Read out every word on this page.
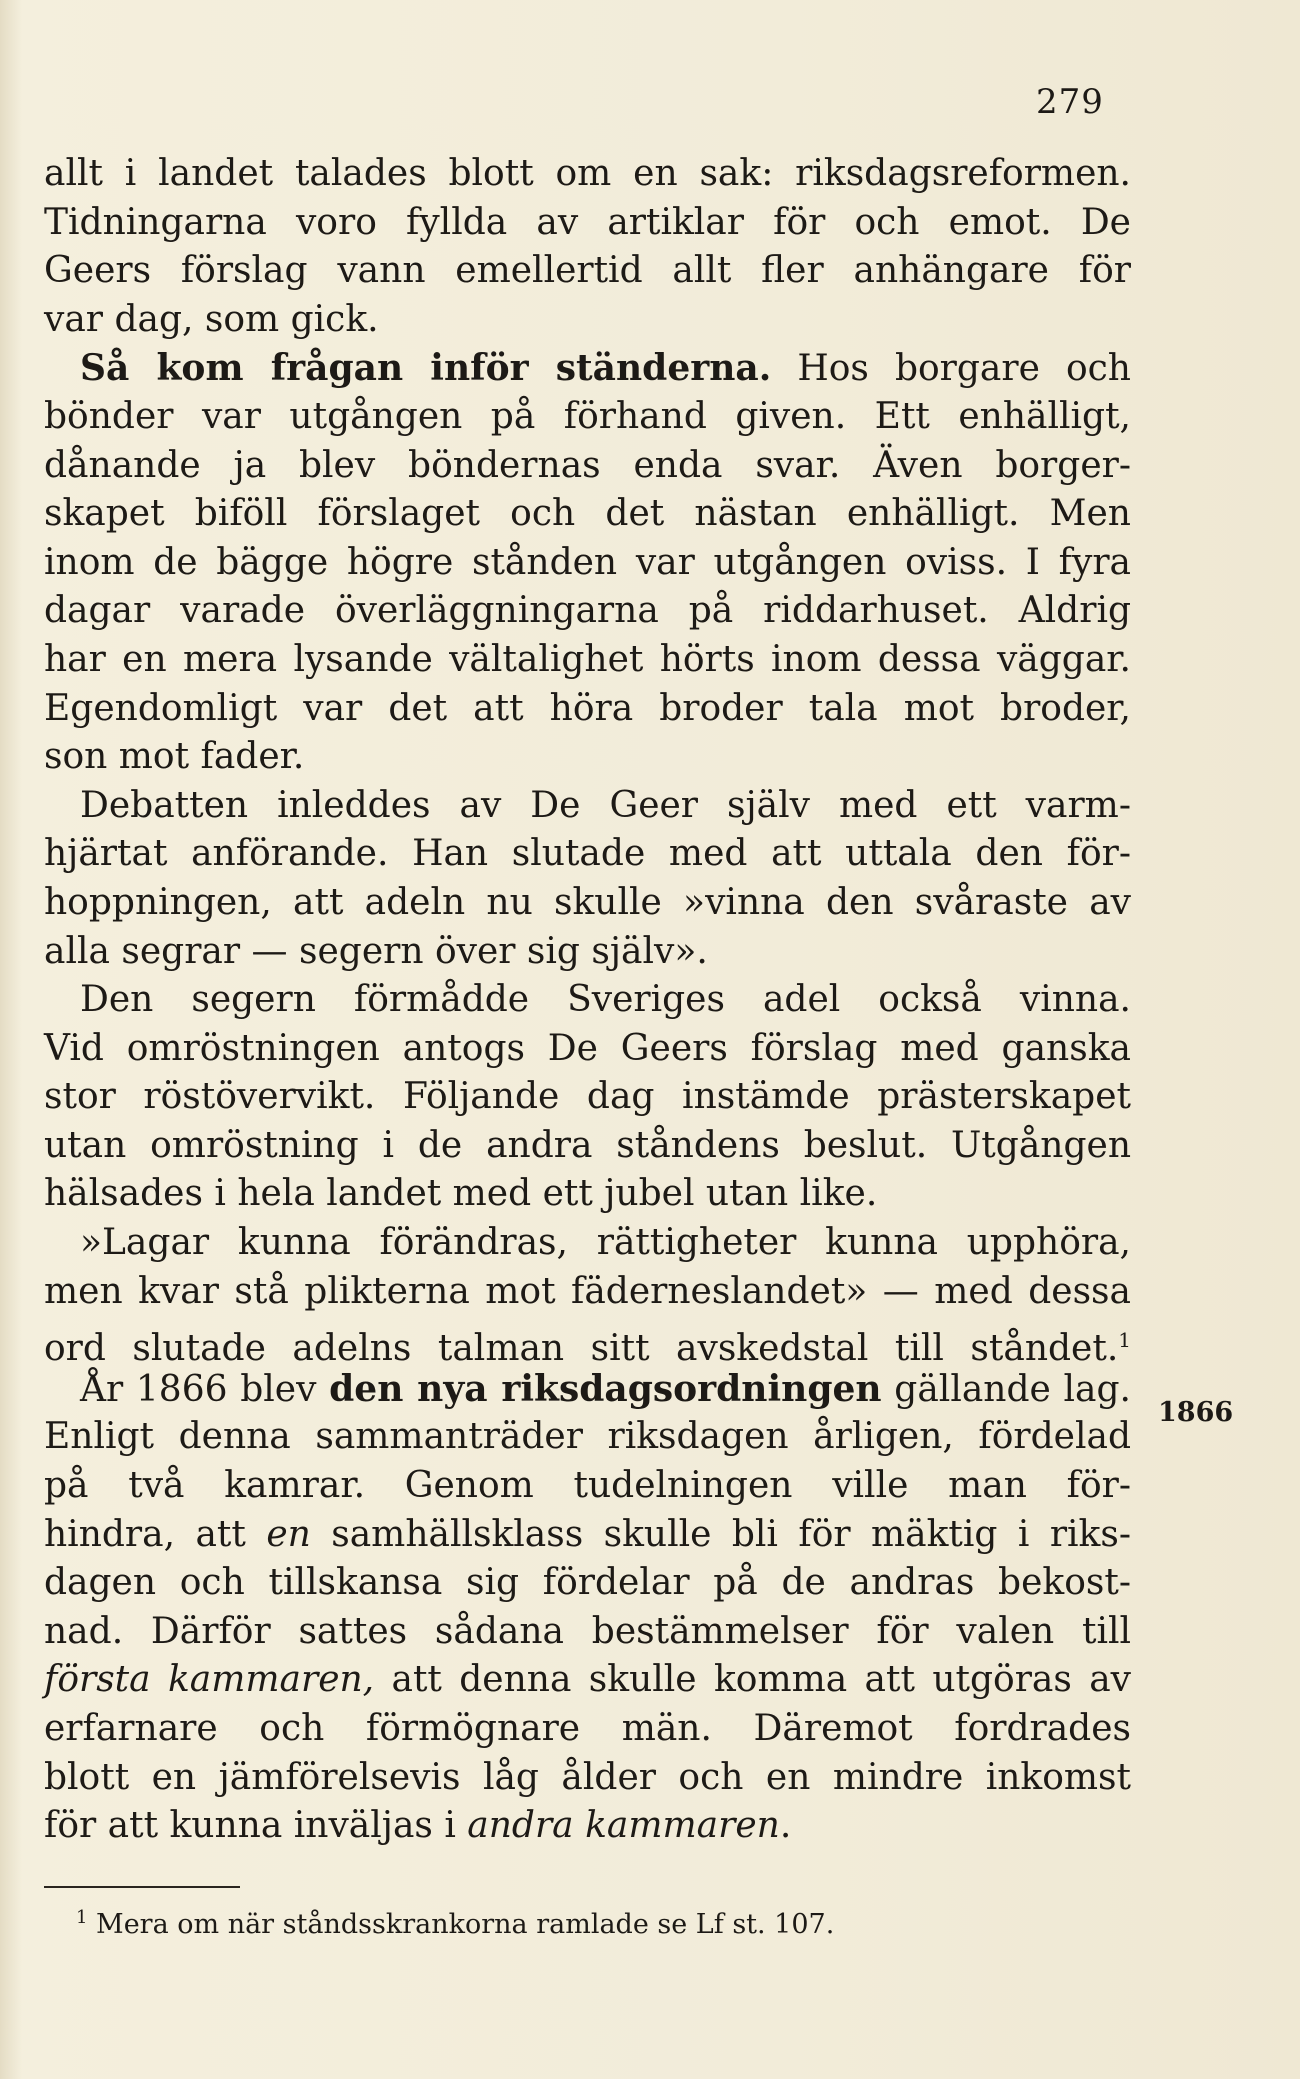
279
allt i landet talades blott om en sak: riksdagsreformen.
Tidningarna voro fyllda av artiklar för och emot. De
Geers förslag vann emellertid allt fler anhängare för
var dag, som gick.
Så kom frågan inför ständerna. Hos borgare och
bönder var utgången på förhand given. Ett enhälligt,
dånande ja blev böndernas enda svar. Även borger-
skapet biföll förslaget och det nästan enhälligt. Men
inom de bägge högre stånden var utgången oviss. I fyra
dagar varade överläggningarna på riddarhuset. Aldrig
har en mera lysande vältalighet hörts inom dessa väggar.
Egendomligt var det att höra broder tala mot broder,
son mot fader.
Debatten inleddes av De Geer själv med ett varm-
hjärtat anförande. Han slutade med att uttala den för-
hoppningen, att adeln nu skulle »vinna den svåraste av
alla segrar — segern över sig själv».
Den segern förmådde Sveriges adel också vinna.
Vid omröstningen antogs De Geers förslag med ganska
stor röstövervikt. Följande dag instämde prästerskapet
utan omröstning i de andra ståndens beslut. Utgången
hälsades i hela landet med ett jubel utan like.
»Lagar kunna förändras, rättigheter kunna upphöra,
men kvar stå plikterna mot fäderneslandet» — med dessa
ord slutade adelns talman sitt avskedstal till ståndet.$^1$
År 1866 blev den nya riksdagsordningen gällande lag.
Enligt denna sammanträder riksdagen årligen, fördelad
på två kamrar. Genom tudelningen ville man för-
hindra, att en samhällsklass skulle bli för mäktig i riks-
dagen och tillskansa sig fördelar på de andras bekost-
nad. Därför sattes sådana bestämmelser för valen till
första kammaren, att denna skulle komma att utgöras av
erfarnare och förmögnare män. Däremot fordrades
blott en jämförelsevis låg ålder och en mindre inkomst
för att kunna inväljas i andra kammaren.
1866
$^1$ Mera om när ståndsskrankorna ramlade se Lf st. 107.
